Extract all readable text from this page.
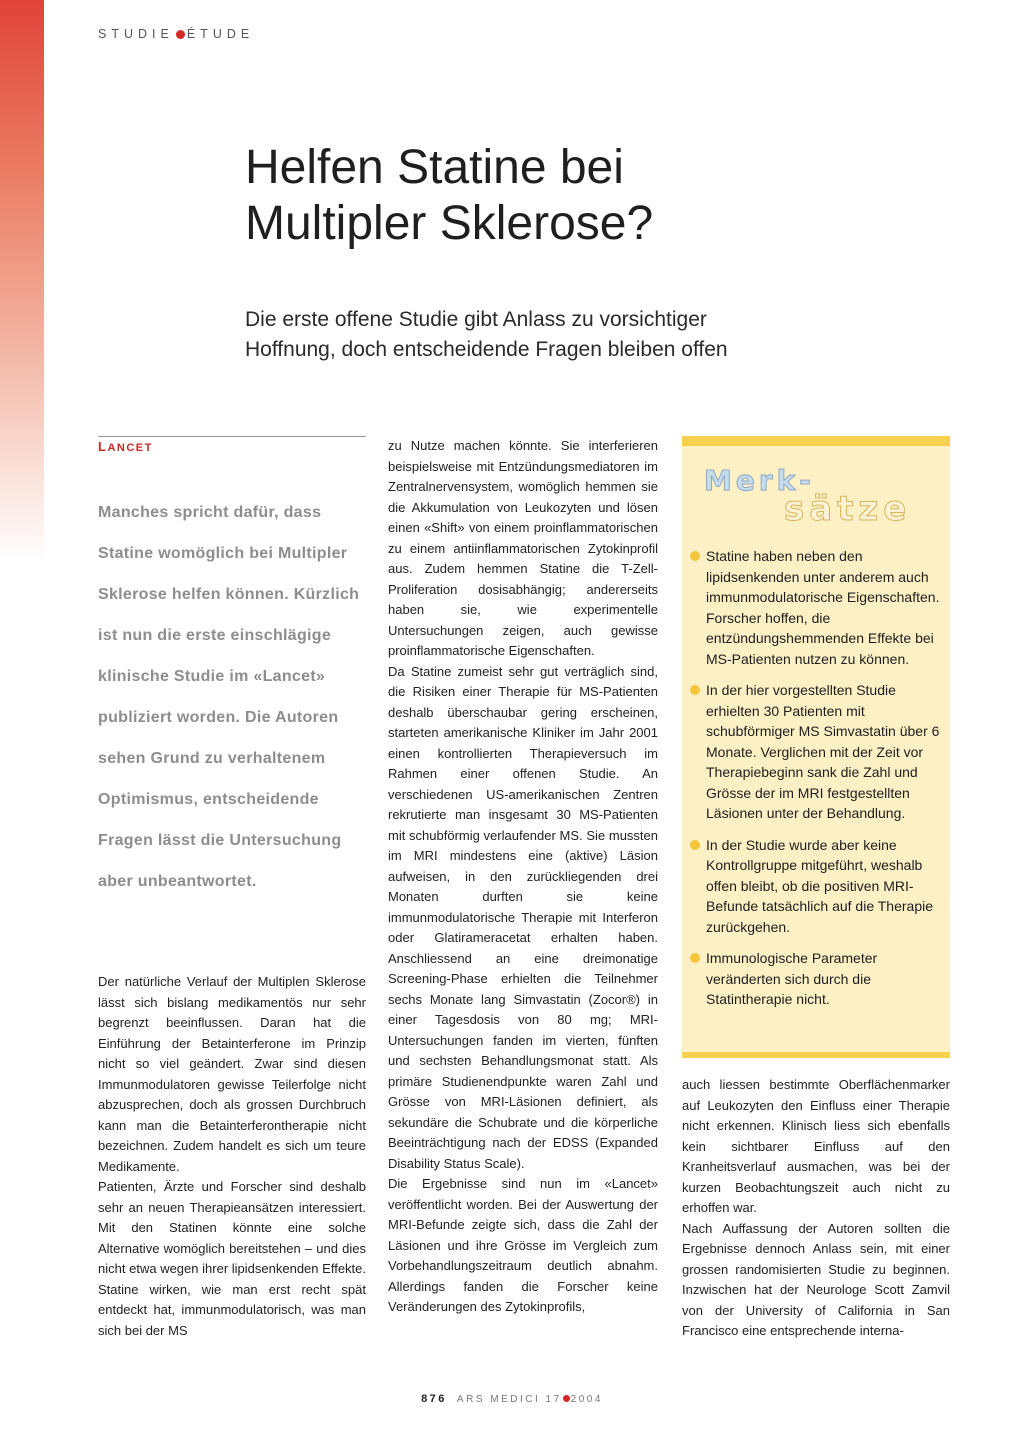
STUDIE ÉTUDE
Helfen Statine bei
Multipler Sklerose?
Die erste offene Studie gibt Anlass zu vorsichtiger
Hoffnung, doch entscheidende Fragen bleiben offen
LANCET

Manches spricht dafür, dass Statine womöglich bei Multipler Sklerose helfen können. Kürzlich ist nun die erste einschlägige klinische Studie im «Lancet» publiziert worden. Die Autoren sehen Grund zu verhaltenem Optimismus, entscheidende Fragen lässt die Untersuchung aber unbeantwortet.

Der natürliche Verlauf der Multiplen Sklerose lässt sich bislang medikamentös nur sehr begrenzt beeinflussen. Daran hat die Einführung der Betainterferone im Prinzip nicht so viel geändert. Zwar sind diesen Immunmodulatoren gewisse Teilerfolge nicht abzusprechen, doch als grossen Durchbruch kann man die Betainterferontherapie nicht bezeichnen. Zudem handelt es sich um teure Medikamente.

Patienten, Ärzte und Forscher sind deshalb sehr an neuen Therapieansätzen interessiert. Mit den Statinen könnte eine solche Alternative womöglich bereitstehen – und dies nicht etwa wegen ihrer lipidsenkenden Effekte. Statine wirken, wie man erst recht spät entdeckt hat, immunmodulatorisch, was man sich bei der MS

zu Nutze machen könnte. Sie interferieren beispielsweise mit Entzündungsmediatoren im Zentralnervensystem, womöglich hemmen sie die Akkumulation von Leukozyten und lösen einen «Shift» von einem proinflammatorischen zu einem antiinflammatorischen Zytokinprofil aus. Zudem hemmen Statine die T-Zell-Proliferation dosisabhängig; andererseits haben sie, wie experimentelle Untersuchungen zeigen, auch gewisse proinflammatorische Eigenschaften.

Da Statine zumeist sehr gut verträglich sind, die Risiken einer Therapie für MS-Patienten deshalb überschaubar gering erscheinen, starteten amerikanische Kliniker im Jahr 2001 einen kontrollierten Therapieversuch im Rahmen einer offenen Studie. An verschiedenen US-amerikanischen Zentren rekrutierte man insgesamt 30 MS-Patienten mit schubförmig verlaufender MS. Sie mussten im MRI mindestens eine (aktive) Läsion aufweisen, in den zurückliegenden drei Monaten durften sie keine immunmodulatorische Therapie mit Interferon oder Glatirameracetat erhalten haben. Anschliessend an eine dreimonatige Screening-Phase erhielten die Teilnehmer sechs Monate lang Simvastatin (Zocor®) in einer Tagesdosis von 80 mg; MRI-Untersuchungen fanden im vierten, fünften und sechsten Behandlungsmonat statt. Als primäre Studienendpunkte waren Zahl und Grösse von MRI-Läsionen definiert, als sekundäre die Schubrate und die körperliche Beeinträchtigung nach der EDSS (Expanded Disability Status Scale).

Die Ergebnisse sind nun im «Lancet» veröffentlicht worden. Bei der Auswertung der MRI-Befunde zeigte sich, dass die Zahl der Läsionen und ihre Grösse im Vergleich zum Vorbehandlungszeitraum deutlich abnahm. Allerdings fanden die Forscher keine Veränderungen des Zytokinprofils,

Merk-
sätze
Statine haben neben den lipidsenkenden unter anderem auch immunmodulatorische Eigenschaften. Forscher hoffen, die entzündungshemmenden Effekte bei MS-Patienten nutzen zu können.
In der hier vorgestellten Studie erhielten 30 Patienten mit schubförmiger MS Simvastatin über 6 Monate. Verglichen mit der Zeit vor Therapiebeginn sank die Zahl und Grösse der im MRI festgestellten Läsionen unter der Behandlung.
In der Studie wurde aber keine Kontrollgruppe mitgeführt, weshalb offen bleibt, ob die positiven MRI-Befunde tatsächlich auf die Therapie zurückgehen.
Immunologische Parameter veränderten sich durch die Statintherapie nicht.

auch liessen bestimmte Oberflächenmarker auf Leukozyten den Einfluss einer Therapie nicht erkennen. Klinisch liess sich ebenfalls kein sichtbarer Einfluss auf den Kranheitsverlauf ausmachen, was bei der kurzen Beobachtungszeit auch nicht zu erhoffen war.

Nach Auffassung der Autoren sollten die Ergebnisse dennoch Anlass sein, mit einer grossen randomisierten Studie zu beginnen. Inzwischen hat der Neurologe Scott Zamvil von der University of California in San Francisco eine entsprechende interna-

876 ARS MEDICI 17 2004
